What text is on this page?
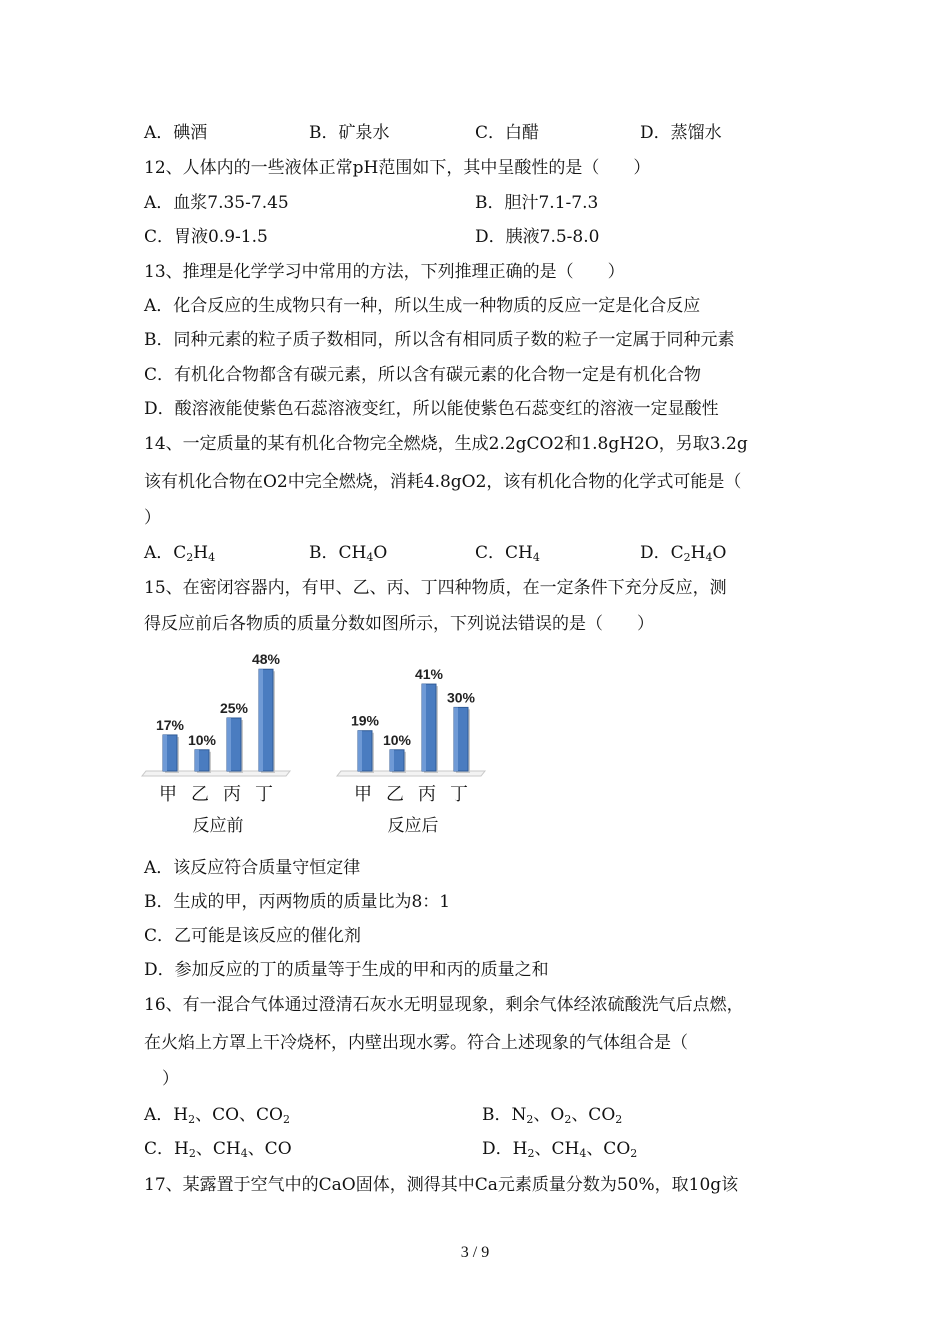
A．碘酒	B．矿泉水	C．白醋	D．蒸馏水
12、人体内的一些液体正常pH范围如下，其中呈酸性的是（　　）
A．血浆7.35-7.45	B．胆汁7.1-7.3
C．胃液0.9-1.5	D．胰液7.5-8.0
13、推理是化学学习中常用的方法，下列推理正确的是（　　）
A．化合反应的生成物只有一种，所以生成一种物质的反应一定是化合反应
B．同种元素的粒子质子数相同，所以含有相同质子数的粒子一定属于同种元素
C．有机化合物都含有碳元素，所以含有碳元素的化合物一定是有机化合物
D．酸溶液能使紫色石蕊溶液变红，所以能使紫色石蕊变红的溶液一定显酸性
14、一定质量的某有机化合物完全燃烧，生成2.2gCO2和1.8gH2O，另取3.2g
该有机化合物在O2中完全燃烧，消耗4.8gO2，该有机化合物的化学式可能是（
）
A．$C_2H_4$	B．$CH_4O$	C．$CH_4$	D．$C_2H_4O$
15、在密闭容器内，有甲、乙、丙、丁四种物质，在一定条件下充分反应，测
得反应前后各物质的质量分数如图所示，下列说法错误的是（　　）
17%
甲
10%
乙
25%
丙
48%
丁
反应前
19%
甲
10%
乙
41%
丙
30%
丁
反应后
A．该反应符合质量守恒定律
B．生成的甲，丙两物质的质量比为8：1
C．乙可能是该反应的催化剂
D．参加反应的丁的质量等于生成的甲和丙的质量之和
16、有一混合气体通过澄清石灰水无明显现象，剩余气体经浓硫酸洗气后点燃，
在火焰上方罩上干冷烧杯，内壁出现水雾。符合上述现象的气体组合是（
）
A．$H_2$、CO、$CO_2$	B．$N_2$、$O_2$、$CO_2$
C．$H_2$、$CH_4$、CO	D．$H_2$、$CH_4$、$CO_2$
17、某露置于空气中的CaO固体，测得其中Ca元素质量分数为50%，取10g该
3 / 9
